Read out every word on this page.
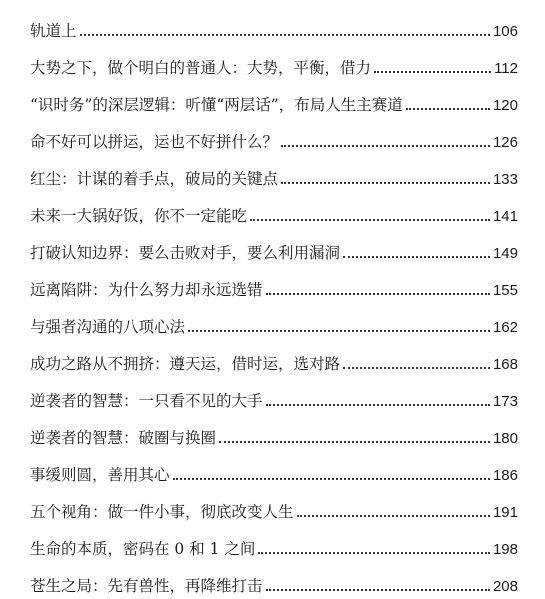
轨道上	106
大势之下，做个明白的普通人：大势，平衡，借力	112
“识时务”的深层逻辑：听懂“两层话”，布局人生主赛道	120
命不好可以拼运，运也不好拼什么？	126
红尘：计谋的着手点，破局的关键点	133
未来一大锅好饭，你不一定能吃	141
打破认知边界：要么击败对手，要么利用漏洞	149
远离陷阱：为什么努力却永远选错	155
与强者沟通的八项心法	162
成功之路从不拥挤：遵天运，借时运，选对路	168
逆袭者的智慧：一只看不见的大手	173
逆袭者的智慧：破圈与换圈	180
事缓则圆，善用其心	186
五个视角：做一件小事，彻底改变人生	191
生命的本质，密码在 0 和 1 之间	198
苍生之局：先有兽性，再降维打击	208
